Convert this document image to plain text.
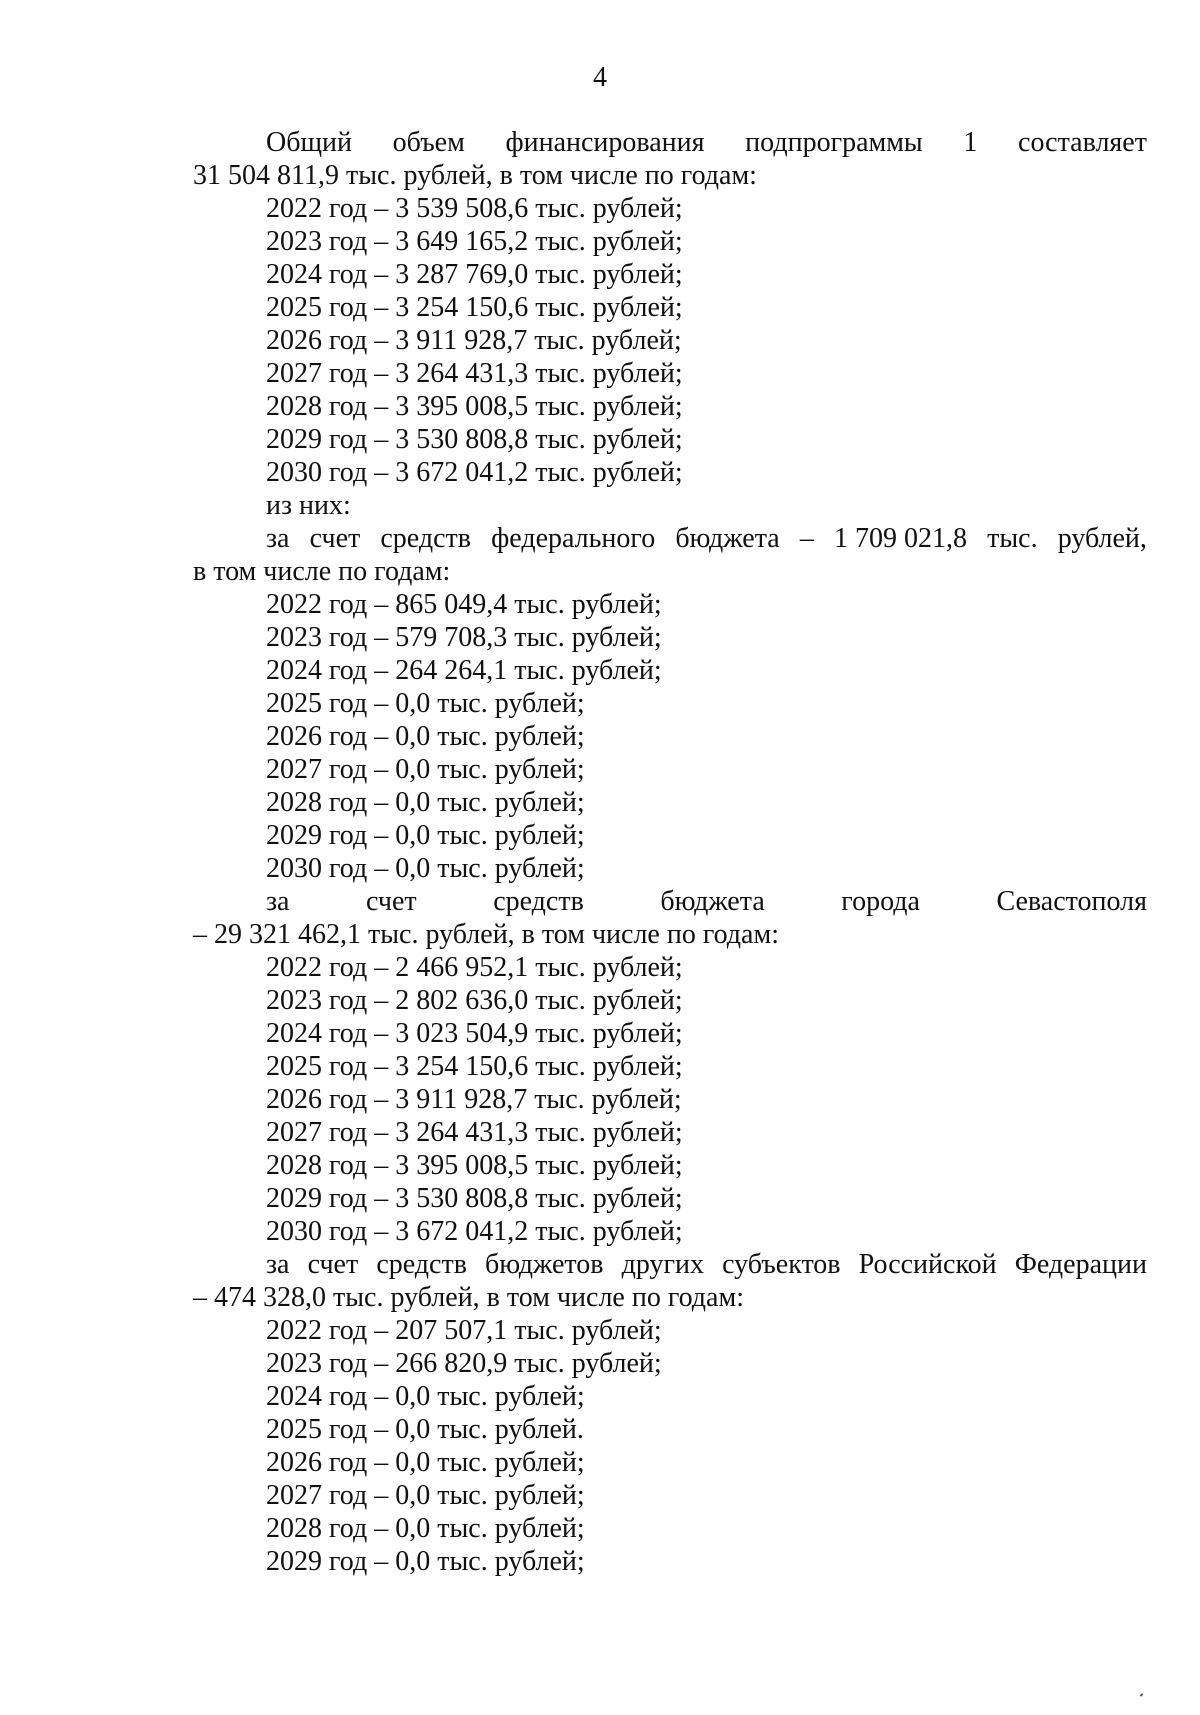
4
Общий объем финансирования подпрограммы 1 составляет
31 504 811,9 тыс. рублей, в том числе по годам:
2022 год – 3 539 508,6 тыс. рублей;
2023 год – 3 649 165,2 тыс. рублей;
2024 год – 3 287 769,0 тыс. рублей;
2025 год – 3 254 150,6 тыс. рублей;
2026 год – 3 911 928,7 тыс. рублей;
2027 год – 3 264 431,3 тыс. рублей;
2028 год – 3 395 008,5 тыс. рублей;
2029 год – 3 530 808,8 тыс. рублей;
2030 год – 3 672 041,2 тыс. рублей;
из них:
за счет средств федерального бюджета – 1 709 021,8 тыс. рублей,
в том числе по годам:
2022 год – 865 049,4 тыс. рублей;
2023 год – 579 708,3 тыс. рублей;
2024 год – 264 264,1 тыс. рублей;
2025 год – 0,0 тыс. рублей;
2026 год – 0,0 тыс. рублей;
2027 год – 0,0 тыс. рублей;
2028 год – 0,0 тыс. рублей;
2029 год – 0,0 тыс. рублей;
2030 год – 0,0 тыс. рублей;
за	счет	средств	бюджета	города	Севастополя
– 29 321 462,1 тыс. рублей, в том числе по годам:
2022 год – 2 466 952,1 тыс. рублей;
2023 год – 2 802 636,0 тыс. рублей;
2024 год – 3 023 504,9 тыс. рублей;
2025 год – 3 254 150,6 тыс. рублей;
2026 год – 3 911 928,7 тыс. рублей;
2027 год – 3 264 431,3 тыс. рублей;
2028 год – 3 395 008,5 тыс. рублей;
2029 год – 3 530 808,8 тыс. рублей;
2030 год – 3 672 041,2 тыс. рублей;
за счет средств бюджетов других субъектов Российской Федерации
– 474 328,0 тыс. рублей, в том числе по годам:
2022 год – 207 507,1 тыс. рублей;
2023 год – 266 820,9 тыс. рублей;
2024 год – 0,0 тыс. рублей;
2025 год – 0,0 тыс. рублей.
2026 год – 0,0 тыс. рублей;
2027 год – 0,0 тыс. рублей;
2028 год – 0,0 тыс. рублей;
2029 год – 0,0 тыс. рублей;
